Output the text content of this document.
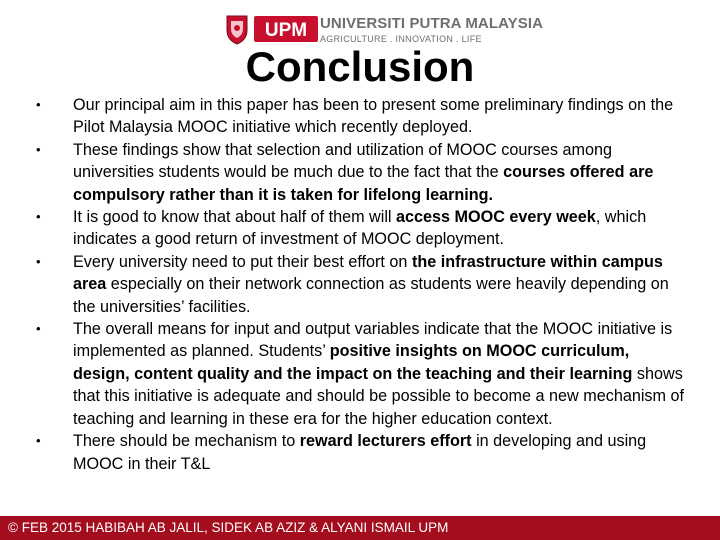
UPM UNIVERSITI PUTRA MALAYSIA
AGRICULTURE . INNOVATION . LIFE
Conclusion
•	Our principal aim in this paper has been to present some preliminary findings on the Pilot Malaysia MOOC initiative which recently deployed.
•	These findings show that selection and utilization of MOOC courses among universities students would be much due to the fact that the courses offered are compulsory rather than it is taken for lifelong learning.
•	It is good to know that about half of them will access MOOC every week, which indicates a good return of investment of MOOC deployment.
•	Every university need to put their best effort on the infrastructure within campus area especially on their network connection as students were heavily depending on the universities’ facilities.
•	The overall means for input and output variables indicate that the MOOC initiative is implemented as planned. Students’ positive insights on MOOC curriculum, design, content quality and the impact on the teaching and their learning shows that this initiative is adequate and should be possible to become a new mechanism of teaching and learning in these era for the higher education context.
•	There should be mechanism to reward lecturers effort in developing and using MOOC in their T&L
© FEB 2015 HABIBAH AB JALIL, SIDEK AB AZIZ & ALYANI ISMAIL UPM
